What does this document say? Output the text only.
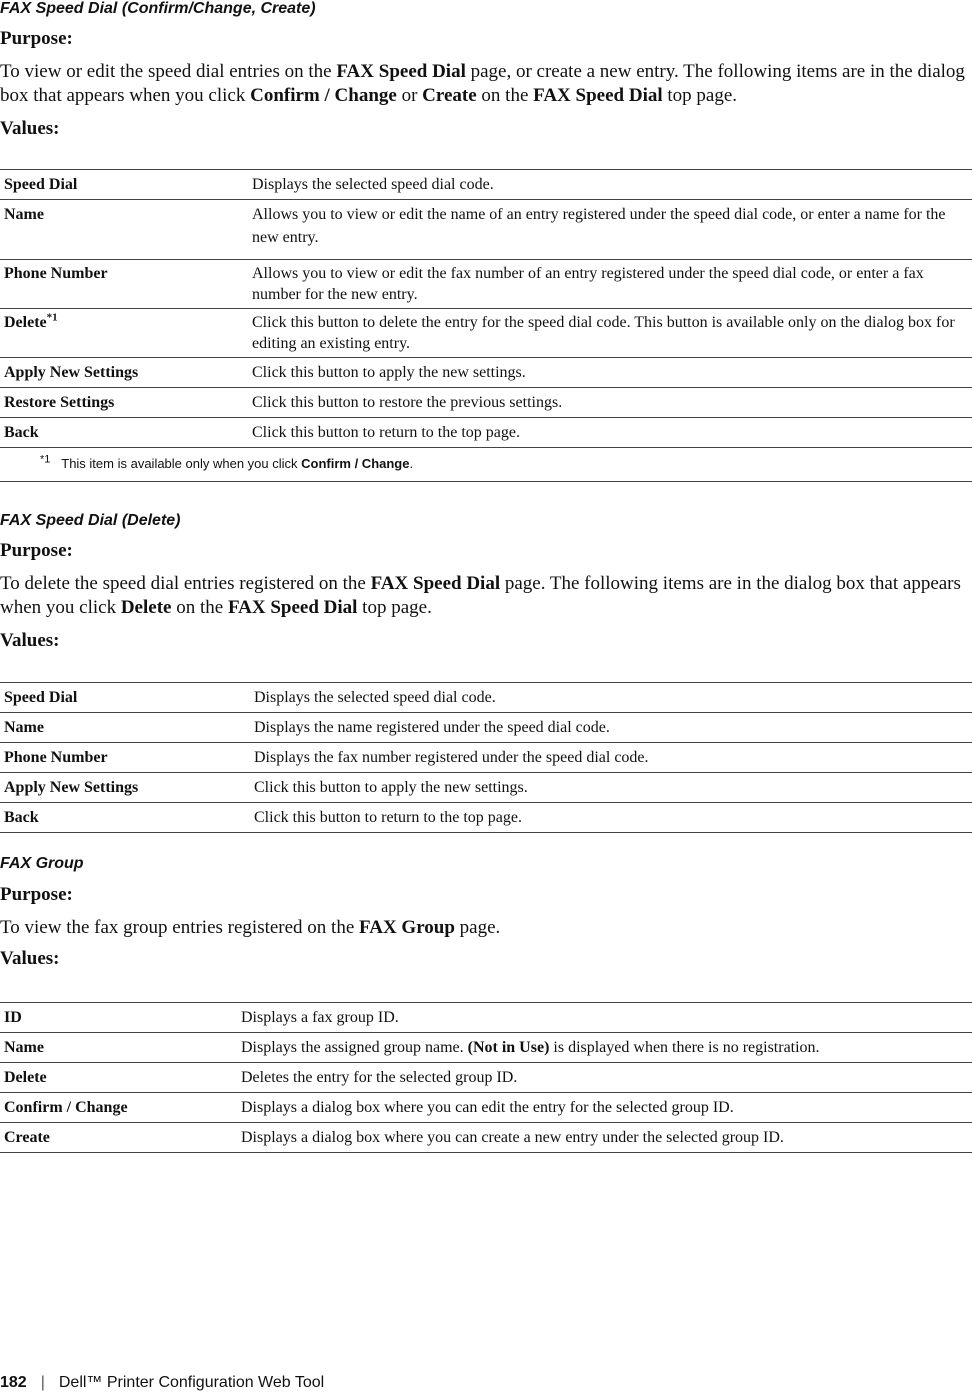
FAX Speed Dial (Confirm/Change, Create)
Purpose:
To view or edit the speed dial entries on the FAX Speed Dial page, or create a new entry. The following items are in the dialog box that appears when you click Confirm / Change or Create on the FAX Speed Dial top page.
Values:
Speed Dial	Displays the selected speed dial code.
Name	Allows you to view or edit the name of an entry registered under the speed dial code, or enter a name for the new entry.
Phone Number	Allows you to view or edit the fax number of an entry registered under the speed dial code, or enter a fax number for the new entry.
Delete$^{*1}$	Click this button to delete the entry for the speed dial code. This button is available only on the dialog box for editing an existing entry.
Apply New Settings	Click this button to apply the new settings.
Restore Settings	Click this button to restore the previous settings.
Back	Click this button to return to the top page.
$^{*1}$ This item is available only when you click Confirm / Change.	
FAX Speed Dial (Delete)
Purpose:
To delete the speed dial entries registered on the FAX Speed Dial page. The following items are in the dialog box that appears when you click Delete on the FAX Speed Dial top page.
Values:
Speed Dial	Displays the selected speed dial code.
Name	Displays the name registered under the speed dial code.
Phone Number	Displays the fax number registered under the speed dial code.
Apply New Settings	Click this button to apply the new settings.
Back	Click this button to return to the top page.
FAX Group
Purpose:
To view the fax group entries registered on the FAX Group page.
Values:
ID	Displays a fax group ID.
Name	Displays the assigned group name. (Not in Use) is displayed when there is no registration.
Delete	Deletes the entry for the selected group ID.
Confirm / Change	Displays a dialog box where you can edit the entry for the selected group ID.
Create	Displays a dialog box where you can create a new entry under the selected group ID.
182 | Dell™ Printer Configuration Web Tool
